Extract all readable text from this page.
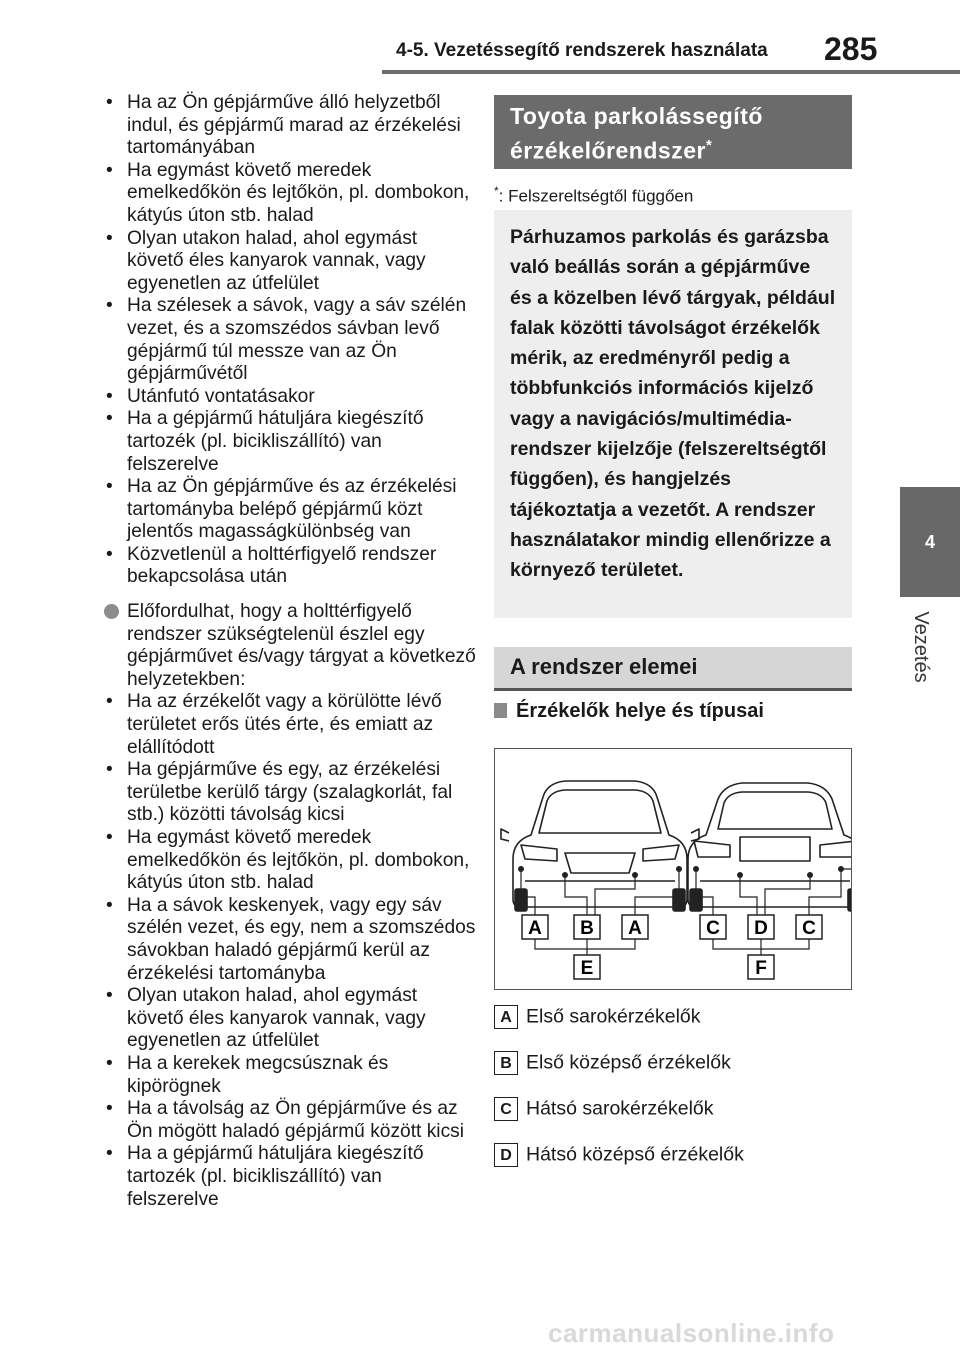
4-5. Vezetéssegítő rendszerek használata 285
4
Vezetés
• Ha az Ön gépjárműve álló helyzetből indul, és gépjármű marad az érzékelési tartományában
• Ha egymást követő meredek emelkedőkön és lejtőkön, pl. dombokon, kátyús úton stb. halad
• Olyan utakon halad, ahol egymást követő éles kanyarok vannak, vagy egyenetlen az útfelület
• Ha szélesek a sávok, vagy a sáv szélén vezet, és a szomszédos sávban levő gépjármű túl messze van az Ön gépjárművétől
• Utánfutó vontatásakor
• Ha a gépjármű hátuljára kiegészítő tartozék (pl. bicikliszállító) van felszerelve
• Ha az Ön gépjárműve és az érzékelési tartományba belépő gépjármű közt jelentős magasságkülönbség van
• Közvetlenül a holttérfigyelő rendszer bekapcsolása után
Előfordulhat, hogy a holttérfigyelő rendszer szükségtelenül észlel egy gépjárművet és/vagy tárgyat a következő helyzetekben:
• Ha az érzékelőt vagy a körülötte lévő területet erős ütés érte, és emiatt az elállítódott
• Ha gépjárműve és egy, az érzékelési területbe kerülő tárgy (szalagkorlát, fal stb.) közötti távolság kicsi
• Ha egymást követő meredek emelkedőkön és lejtőkön, pl. dombokon, kátyús úton stb. halad
• Ha a sávok keskenyek, vagy egy sáv szélén vezet, és egy, nem a szomszédos sávokban haladó gépjármű kerül az érzékelési tartományba
• Olyan utakon halad, ahol egymást követő éles kanyarok vannak, vagy egyenetlen az útfelület
• Ha a kerekek megcsúsznak és kipörögnek
• Ha a távolság az Ön gépjárműve és az Ön mögött haladó gépjármű között kicsi
• Ha a gépjármű hátuljára kiegészítő tartozék (pl. bicikliszállító) van felszerelve
Toyota parkolássegítő
érzékelőrendszer*
*: Felszereltségtől függően
Párhuzamos parkolás és garázsba való beállás során a gépjárműve és a közelben lévő tárgyak, például falak közötti távolságot érzékelők mérik, az eredményről pedig a többfunkciós információs kijelző vagy a navigációs/multimédia-rendszer kijelzője (felszereltségtől függően), és hangjelzés tájékoztatja a vezetőt. A rendszer használatakor mindig ellenőrizze a környező területet.
A rendszer elemei
Érzékelők helye és típusai
A B A
E
C D C
F
A Első sarokérzékelők
B Első középső érzékelők
C Hátsó sarokérzékelők
D Hátsó középső érzékelők
carmanualsonline.info
